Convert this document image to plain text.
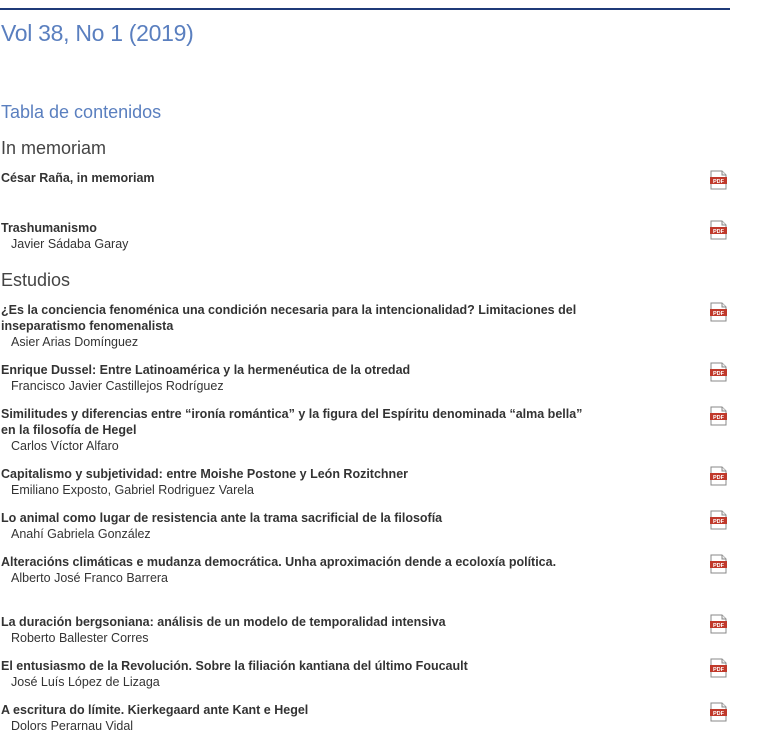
Vol 38, No 1 (2019)
Tabla de contenidos
In memoriam
César Raña, in memoriam
Trashumanismo
Javier Sádaba Garay
Estudios
¿Es la conciencia fenoménica una condición necesaria para la intencionalidad? Limitaciones del inseparatismo fenomenalista
Asier Arias Domínguez
Enrique Dussel: Entre Latinoamérica y la hermenéutica de la otredad
Francisco Javier Castillejos Rodríguez
Similitudes y diferencias entre “ironía romántica” y la figura del Espíritu denominada “alma bella” en la filosofía de Hegel
Carlos Víctor Alfaro
Capitalismo y subjetividad: entre Moishe Postone y León Rozitchner
Emiliano Exposto, Gabriel Rodriguez Varela
Lo animal como lugar de resistencia ante la trama sacrificial de la filosofía
Anahí Gabriela González
Alteracións climáticas e mudanza democrática. Unha aproximación dende a ecoloxía política.
Alberto José Franco Barrera
La duración bergsoniana: análisis de un modelo de temporalidad intensiva
Roberto Ballester Corres
El entusiasmo de la Revolución. Sobre la filiación kantiana del último Foucault
José Luís López de Lizaga
A escritura do límite. Kierkegaard ante Kant e Hegel
Dolors Perarnau Vidal
PDF
PDF
PDF
PDF
PDF
PDF
PDF
PDF
PDF
PDF
PDF
